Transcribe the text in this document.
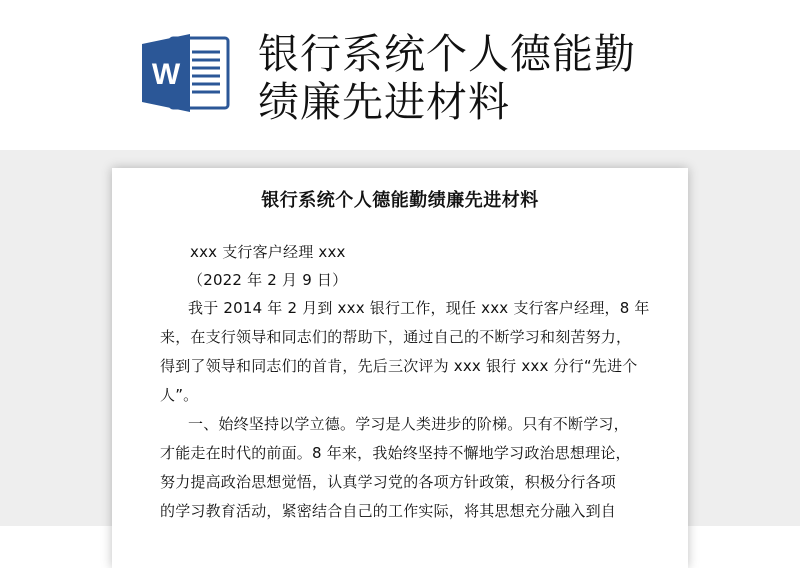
W 银行系统个人德能勤
绩廉先进材料
银行系统个人德能勤绩廉先进材料
xxx 支行客户经理 xxx
（2022 年 2 月 9 日）
我于 2014 年 2 月到 xxx 银行工作，现任 xxx 支行客户经理，8 年
来，在支行领导和同志们的帮助下，通过自己的不断学习和刻苦努力，
得到了领导和同志们的首肯，先后三次评为 xxx 银行 xxx 分行“先进个
人”。
一、始终坚持以学立德。学习是人类进步的阶梯。只有不断学习，
才能走在时代的前面。8 年来，我始终坚持不懈地学习政治思想理论，
努力提高政治思想觉悟，认真学习党的各项方针政策，积极分行各项
的学习教育活动，紧密结合自己的工作实际，将其思想充分融入到自
